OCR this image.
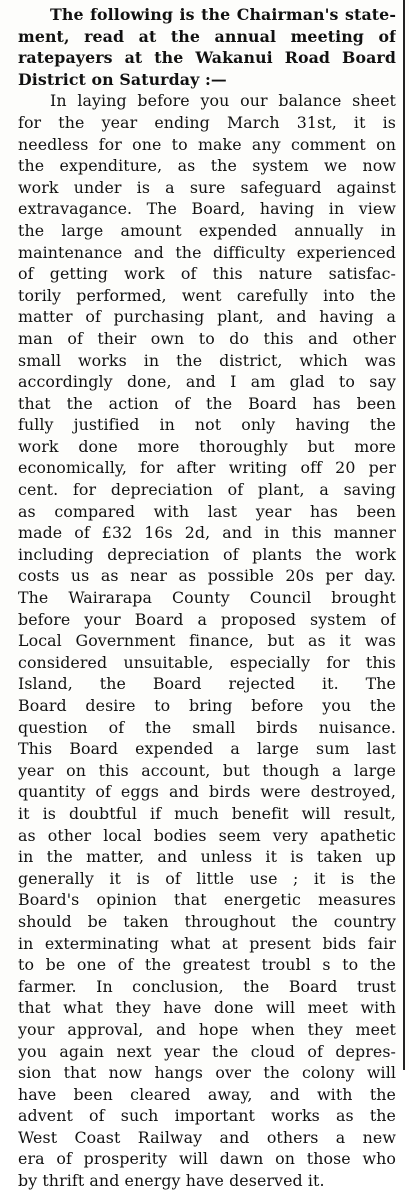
The following is the Chairman's state-
ment, read at the annual meeting of
ratepayers at the Wakanui Road Board
District on Saturday :—
In laying before you our balance sheet
for the year ending March 31st, it is
needless for one to make any comment on
the expenditure, as the system we now
work under is a sure safeguard against
extravagance. The Board, having in view
the large amount expended annually in
maintenance and the difficulty experienced
of getting work of this nature satisfac-
torily performed, went carefully into the
matter of purchasing plant, and having a
man of their own to do this and other
small works in the district, which was
accordingly done, and I am glad to say
that the action of the Board has been
fully justified in not only having the
work done more thoroughly but more
economically, for after writing off 20 per
cent. for depreciation of plant, a saving
as compared with last year has been
made of £32 16s 2d, and in this manner
including depreciation of plants the work
costs us as near as possible 20s per day.
The Wairarapa County Council brought
before your Board a proposed system of
Local Government finance, but as it was
considered unsuitable, especially for this
Island, the Board rejected it. The
Board desire to bring before you the
question of the small birds nuisance.
This Board expended a large sum last
year on this account, but though a large
quantity of eggs and birds were destroyed,
it is doubtful if much benefit will result,
as other local bodies seem very apathetic
in the matter, and unless it is taken up
generally it is of little use ; it is the
Board's opinion that energetic measures
should be taken throughout the country
in exterminating what at present bids fair
to be one of the greatest troubl s to the
farmer. In conclusion, the Board trust
that what they have done will meet with
your approval, and hope when they meet
you again next year the cloud of depres-
sion that now hangs over the colony will
have been cleared away, and with the
advent of such important works as the
West Coast Railway and others a new
era of prosperity will dawn on those who
by thrift and energy have deserved it.
